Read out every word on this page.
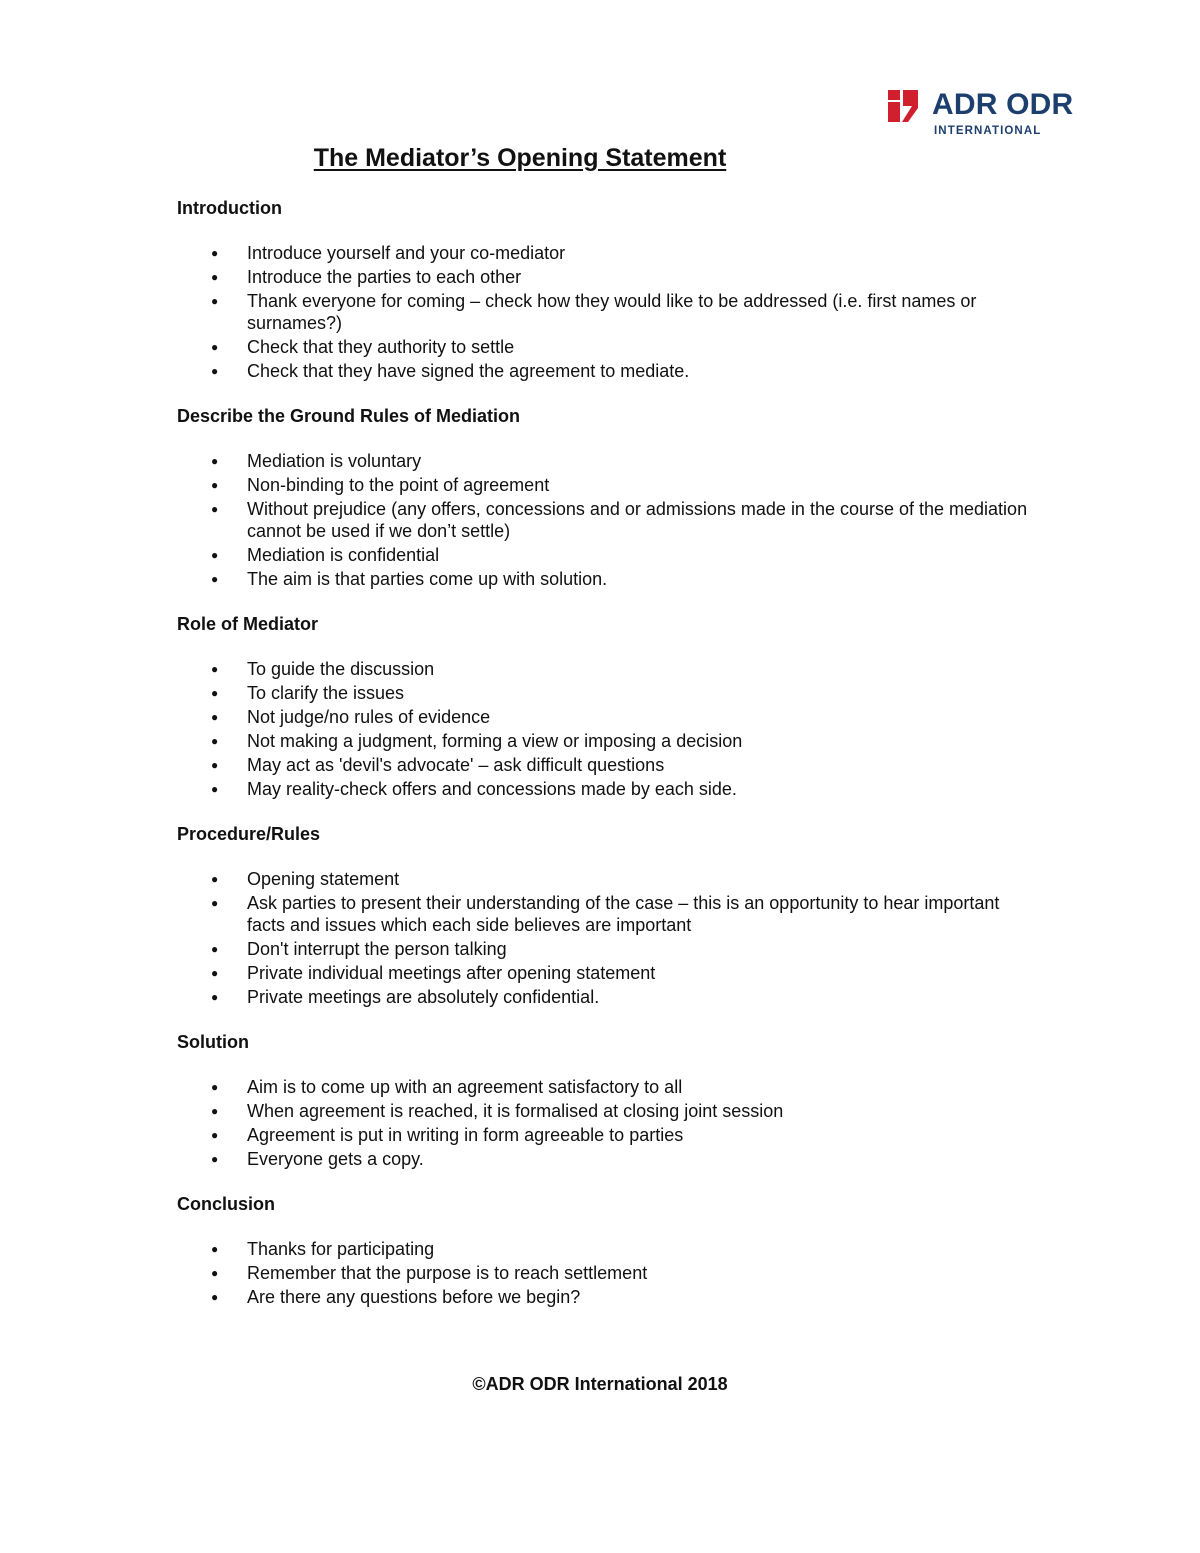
ADR ODR
INTERNATIONAL
The Mediator’s Opening Statement
Introduction
● Introduce yourself and your co-mediator
● Introduce the parties to each other
● Thank everyone for coming – check how they would like to be addressed (i.e. first names or surnames?)
● Check that they authority to settle
● Check that they have signed the agreement to mediate.
Describe the Ground Rules of Mediation
● Mediation is voluntary
● Non-binding to the point of agreement
● Without prejudice (any offers, concessions and or admissions made in the course of the mediation cannot be used if we don’t settle)
● Mediation is confidential
● The aim is that parties come up with solution.
Role of Mediator
● To guide the discussion
● To clarify the issues
● Not judge/no rules of evidence
● Not making a judgment, forming a view or imposing a decision
● May act as 'devil's advocate' – ask difficult questions
● May reality-check offers and concessions made by each side.
Procedure/Rules
● Opening statement
● Ask parties to present their understanding of the case – this is an opportunity to hear important facts and issues which each side believes are important
● Don't interrupt the person talking
● Private individual meetings after opening statement
● Private meetings are absolutely confidential.
Solution
● Aim is to come up with an agreement satisfactory to all
● When agreement is reached, it is formalised at closing joint session
● Agreement is put in writing in form agreeable to parties
● Everyone gets a copy.
Conclusion
● Thanks for participating
● Remember that the purpose is to reach settlement
● Are there any questions before we begin?
©ADR ODR International 2018
